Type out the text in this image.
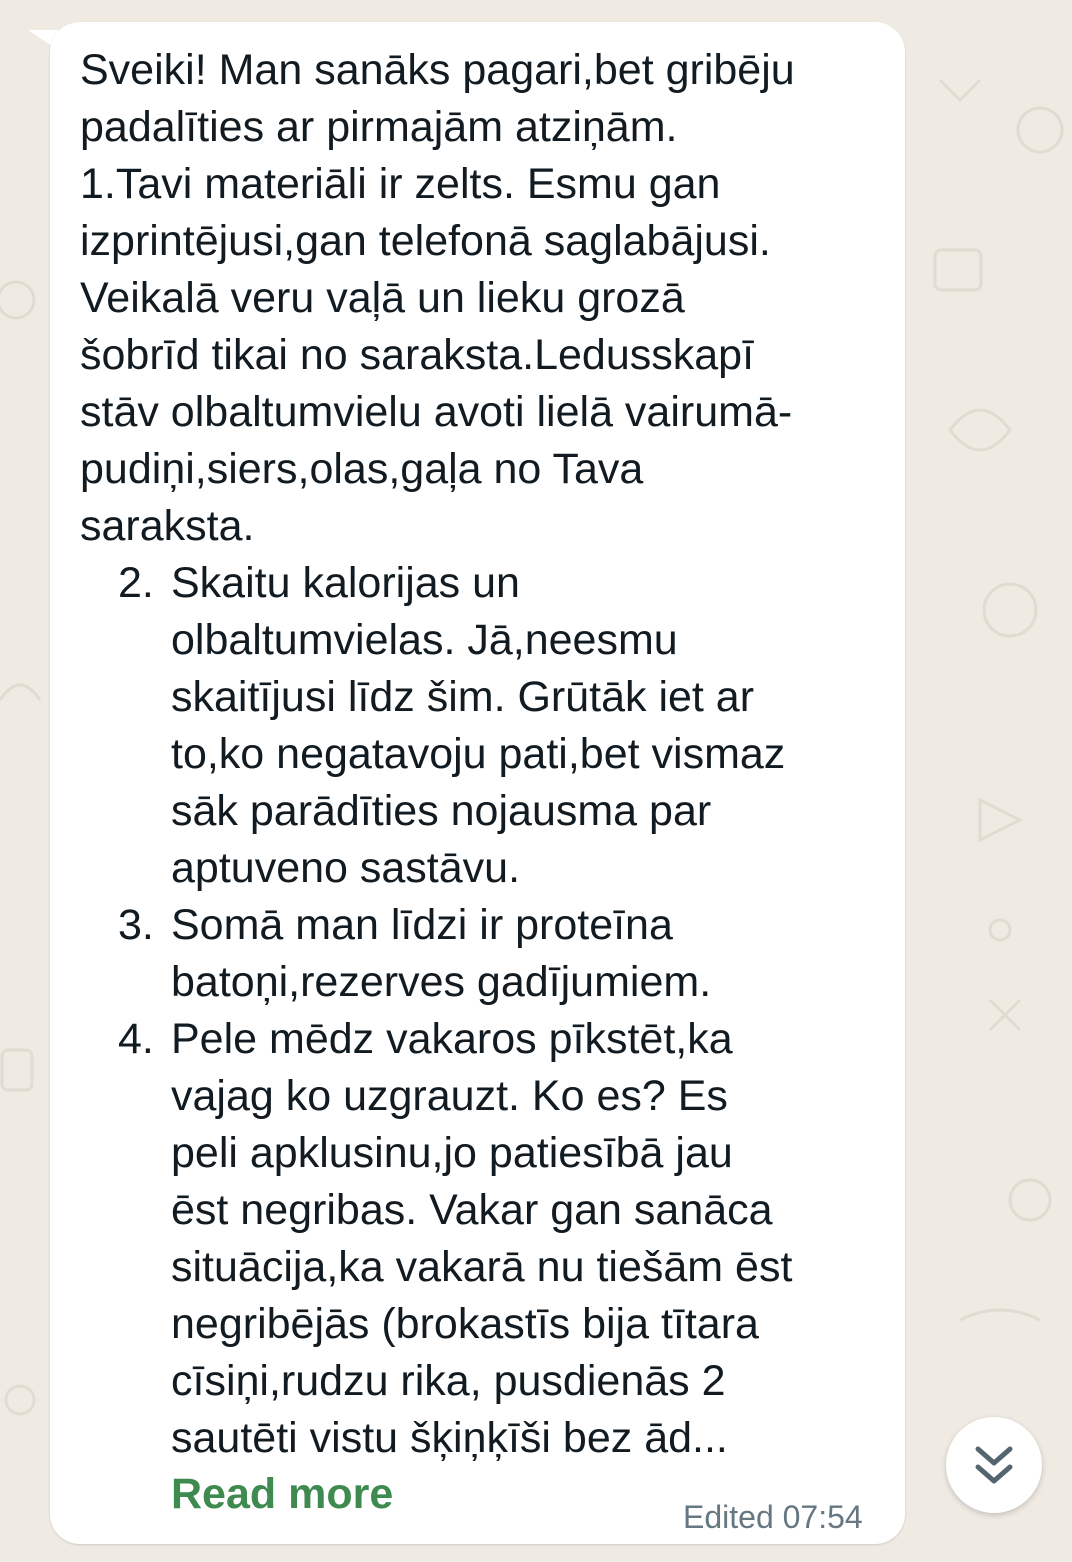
Sveiki! Man sanāks pagari,bet gribēju
padalīties ar pirmajām atziņām.
1.Tavi materiāli ir zelts. Esmu gan
izprintējusi,gan telefonā saglabājusi.
Veikalā veru vaļā un lieku grozā
šobrīd tikai no saraksta.Ledusskapī
stāv olbaltumvielu avoti lielā vairumā-
pudiņi,siers,olas,gaļa no Tava
saraksta.
2. Skaitu kalorijas un
olbaltumvielas. Jā,neesmu
skaitījusi līdz šim. Grūtāk iet ar
to,ko negatavoju pati,bet vismaz
sāk parādīties nojausma par
aptuveno sastāvu.
3. Somā man līdzi ir proteīna
batoņi,rezerves gadījumiem.
4. Pele mēdz vakaros pīkstēt,ka
vajag ko uzgrauzt. Ko es? Es
peli apklusinu,jo patiesībā jau
ēst negribas. Vakar gan sanāca
situācija,ka vakarā nu tiešām ēst
negribējās (brokastīs bija tītara
cīsiņi,rudzu rika, pusdienās 2
sautēti vistu šķiņķīši bez ād...
Read more	Edited 07:54
